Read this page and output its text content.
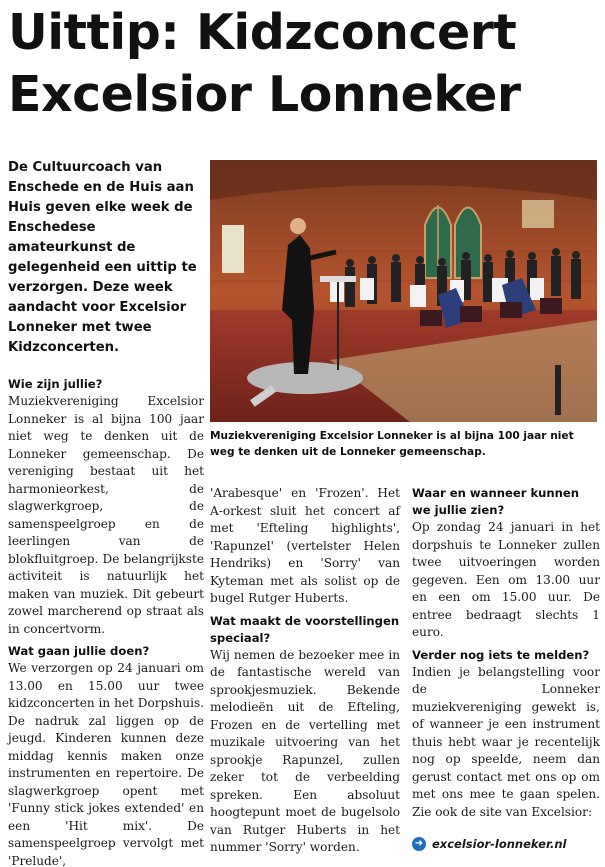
Uittip: Kidzconcert
Excelsior Lonneker
De Cultuurcoach van Enschede en de Huis aan Huis geven elke week de Enschedese amateurkunst de gelegenheid een uittip te verzorgen. Deze week aandacht voor Excelsior Lonneker met twee Kidzconcerten.
Muziekvereniging Excelsior Lonneker is al bijna 100 jaar niet weg te denken uit de Lonneker gemeenschap.
Wie zijn jullie?

Muziekvereniging Excelsior Lonneker is al bijna 100 jaar niet weg te denken uit de Lonneker gemeenschap. De vereniging bestaat uit het harmonieorkest, de slagwerkgroep, de samenspeelgroep en de leerlingen van de blokfluitgroep. De belangrijkste activiteit is natuurlijk het maken van muziek. Dit gebeurt zowel marcherend op straat als in concertvorm.

Wat gaan jullie doen?

We verzorgen op 24 januari om 13.00 en 15.00 uur twee kidzconcerten in het Dorpshuis. De nadruk zal liggen op de jeugd. Kinderen kunnen deze middag kennis maken onze instrumenten en repertoire. De slagwerkgroep opent met 'Funny stick jokes extended' en een 'Hit mix'. De samenspeelgroep vervolgt met 'Prelude',

'Arabesque' en 'Frozen'. Het A-orkest sluit het concert af met 'Efteling highlights', 'Rapunzel' (vertelster Helen Hendriks) en 'Sorry' van Kyteman met als solist op de bugel Rutger Huberts.

Wat maakt de voorstellingen speciaal?

Wij nemen de bezoeker mee in de fantastische wereld van sprookjesmuziek. Bekende melodieën uit de Efteling, Frozen en de vertelling met muzikale uitvoering van het sprookje Rapunzel, zullen zeker tot de verbeelding spreken. Een absoluut hoogtepunt moet de bugelsolo van Rutger Huberts in het nummer 'Sorry' worden.

Waar en wanneer kunnen we jullie zien?

Op zondag 24 januari in het dorpshuis te Lonneker zullen twee uitvoeringen worden gegeven. Een om 13.00 uur en een om 15.00 uur. De entree bedraagt slechts 1 euro.

Verder nog iets te melden?

Indien je belangstelling voor de Lonneker muziekvereniging gewekt is, of wanneer je een instrument thuis hebt waar je recentelijk nog op speelde, neem dan gerust contact met ons op om met ons mee te gaan spelen. Zie ook de site van Excelsior:

➜ excelsior-lonneker.nl
